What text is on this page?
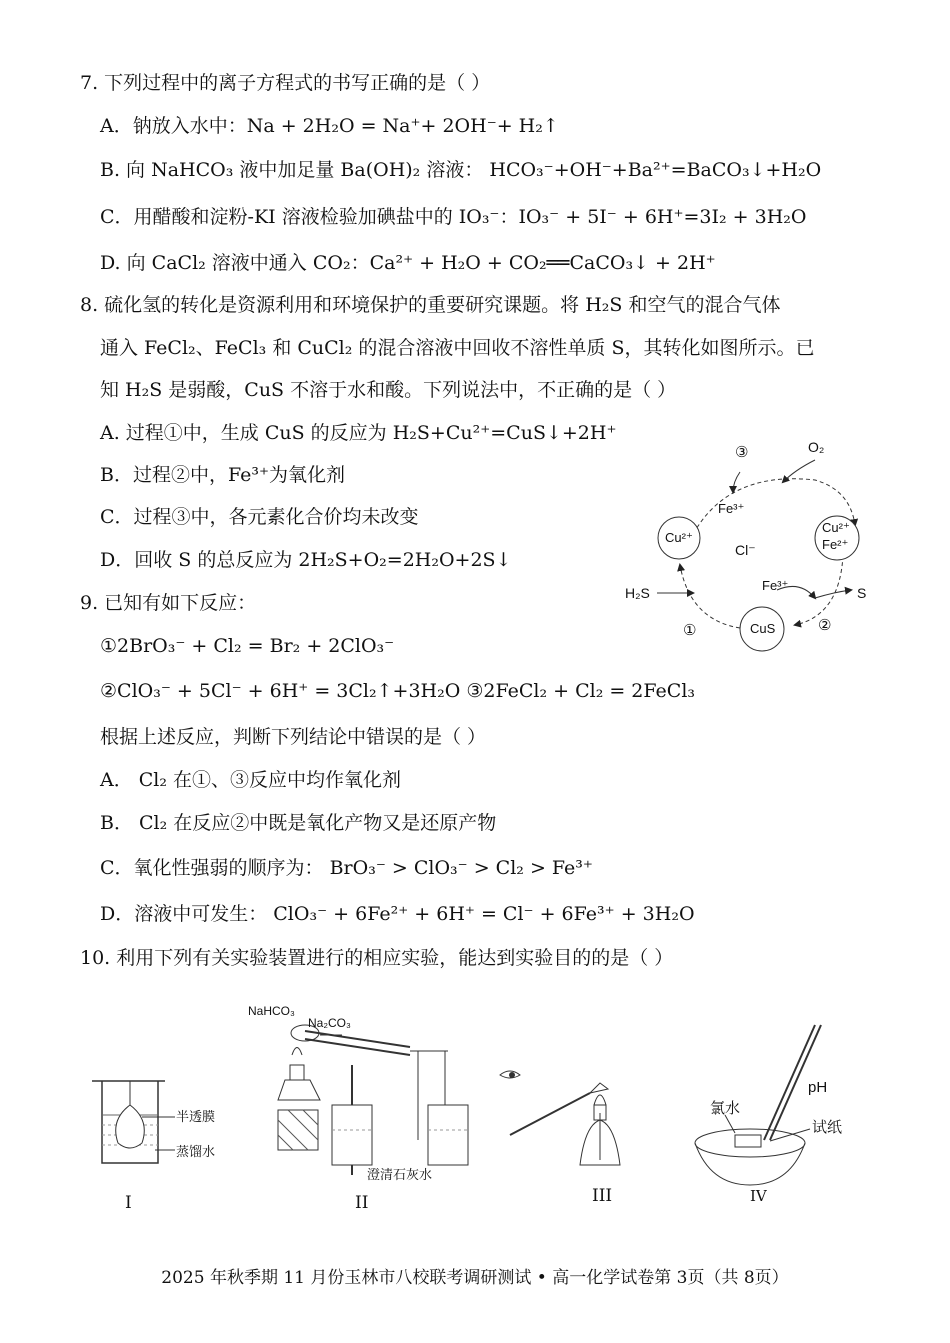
7. 下列过程中的离子方程式的书写正确的是（ ）
A．钠放入水中：Na + 2H₂O = Na⁺+ 2OH⁻+ H₂↑
B. 向 NaHCO₃ 液中加足量 Ba(OH)₂ 溶液： HCO₃⁻+OH⁻+Ba²⁺=BaCO₃↓+H₂O
C．用醋酸和淀粉-KI 溶液检验加碘盐中的 IO₃⁻：IO₃⁻ + 5I⁻ + 6H⁺=3I₂ + 3H₂O
D. 向 CaCl₂ 溶液中通入 CO₂：Ca²⁺ + H₂O + CO₂══CaCO₃↓ + 2H⁺
8. 硫化氢的转化是资源利用和环境保护的重要研究课题。将 H₂S 和空气的混合气体
通入 FeCl₂、FeCl₃ 和 CuCl₂ 的混合溶液中回收不溶性单质 S，其转化如图所示。已
知 H₂S 是弱酸，CuS 不溶于水和酸。下列说法中，不正确的是（ ）
A. 过程①中，生成 CuS 的反应为 H₂S+Cu²⁺=CuS↓+2H⁺
B．过程②中，Fe³⁺为氧化剂
C．过程③中，各元素化合价均未改变
D．回收 S 的总反应为 2H₂S+O₂=2H₂O+2S↓
O₂
③
Fe³⁺
Cu²⁺
Cu²⁺
Fe²⁺
Cl⁻
Fe³⁺
H₂S	S
①	CuS	②
9. 已知有如下反应：
①2BrO₃⁻ + Cl₂ = Br₂ + 2ClO₃⁻
②ClO₃⁻ + 5Cl⁻ + 6H⁺ = 3Cl₂↑+3H₂O ③2FeCl₂ + Cl₂ = 2FeCl₃
根据上述反应，判断下列结论中错误的是（ ）
A． Cl₂ 在①、③反应中均作氧化剂
B． Cl₂ 在反应②中既是氧化产物又是还原产物
C．氧化性强弱的顺序为： BrO₃⁻ > ClO₃⁻ > Cl₂ > Fe³⁺
D．溶液中可发生： ClO₃⁻ + 6Fe²⁺ + 6H⁺ = Cl⁻ + 6Fe³⁺ + 3H₂O
10. 利用下列有关实验装置进行的相应实验，能达到实验目的的是（ ）
半透膜
蒸馏水
I
NaHCO₃
Na₂CO₃
澄清石灰水
II	III
氯水
pH
试纸
IV
2025 年秋季期 11 月份玉林市八校联考调研测试 • 高一化学试卷第 3页（共 8页）
